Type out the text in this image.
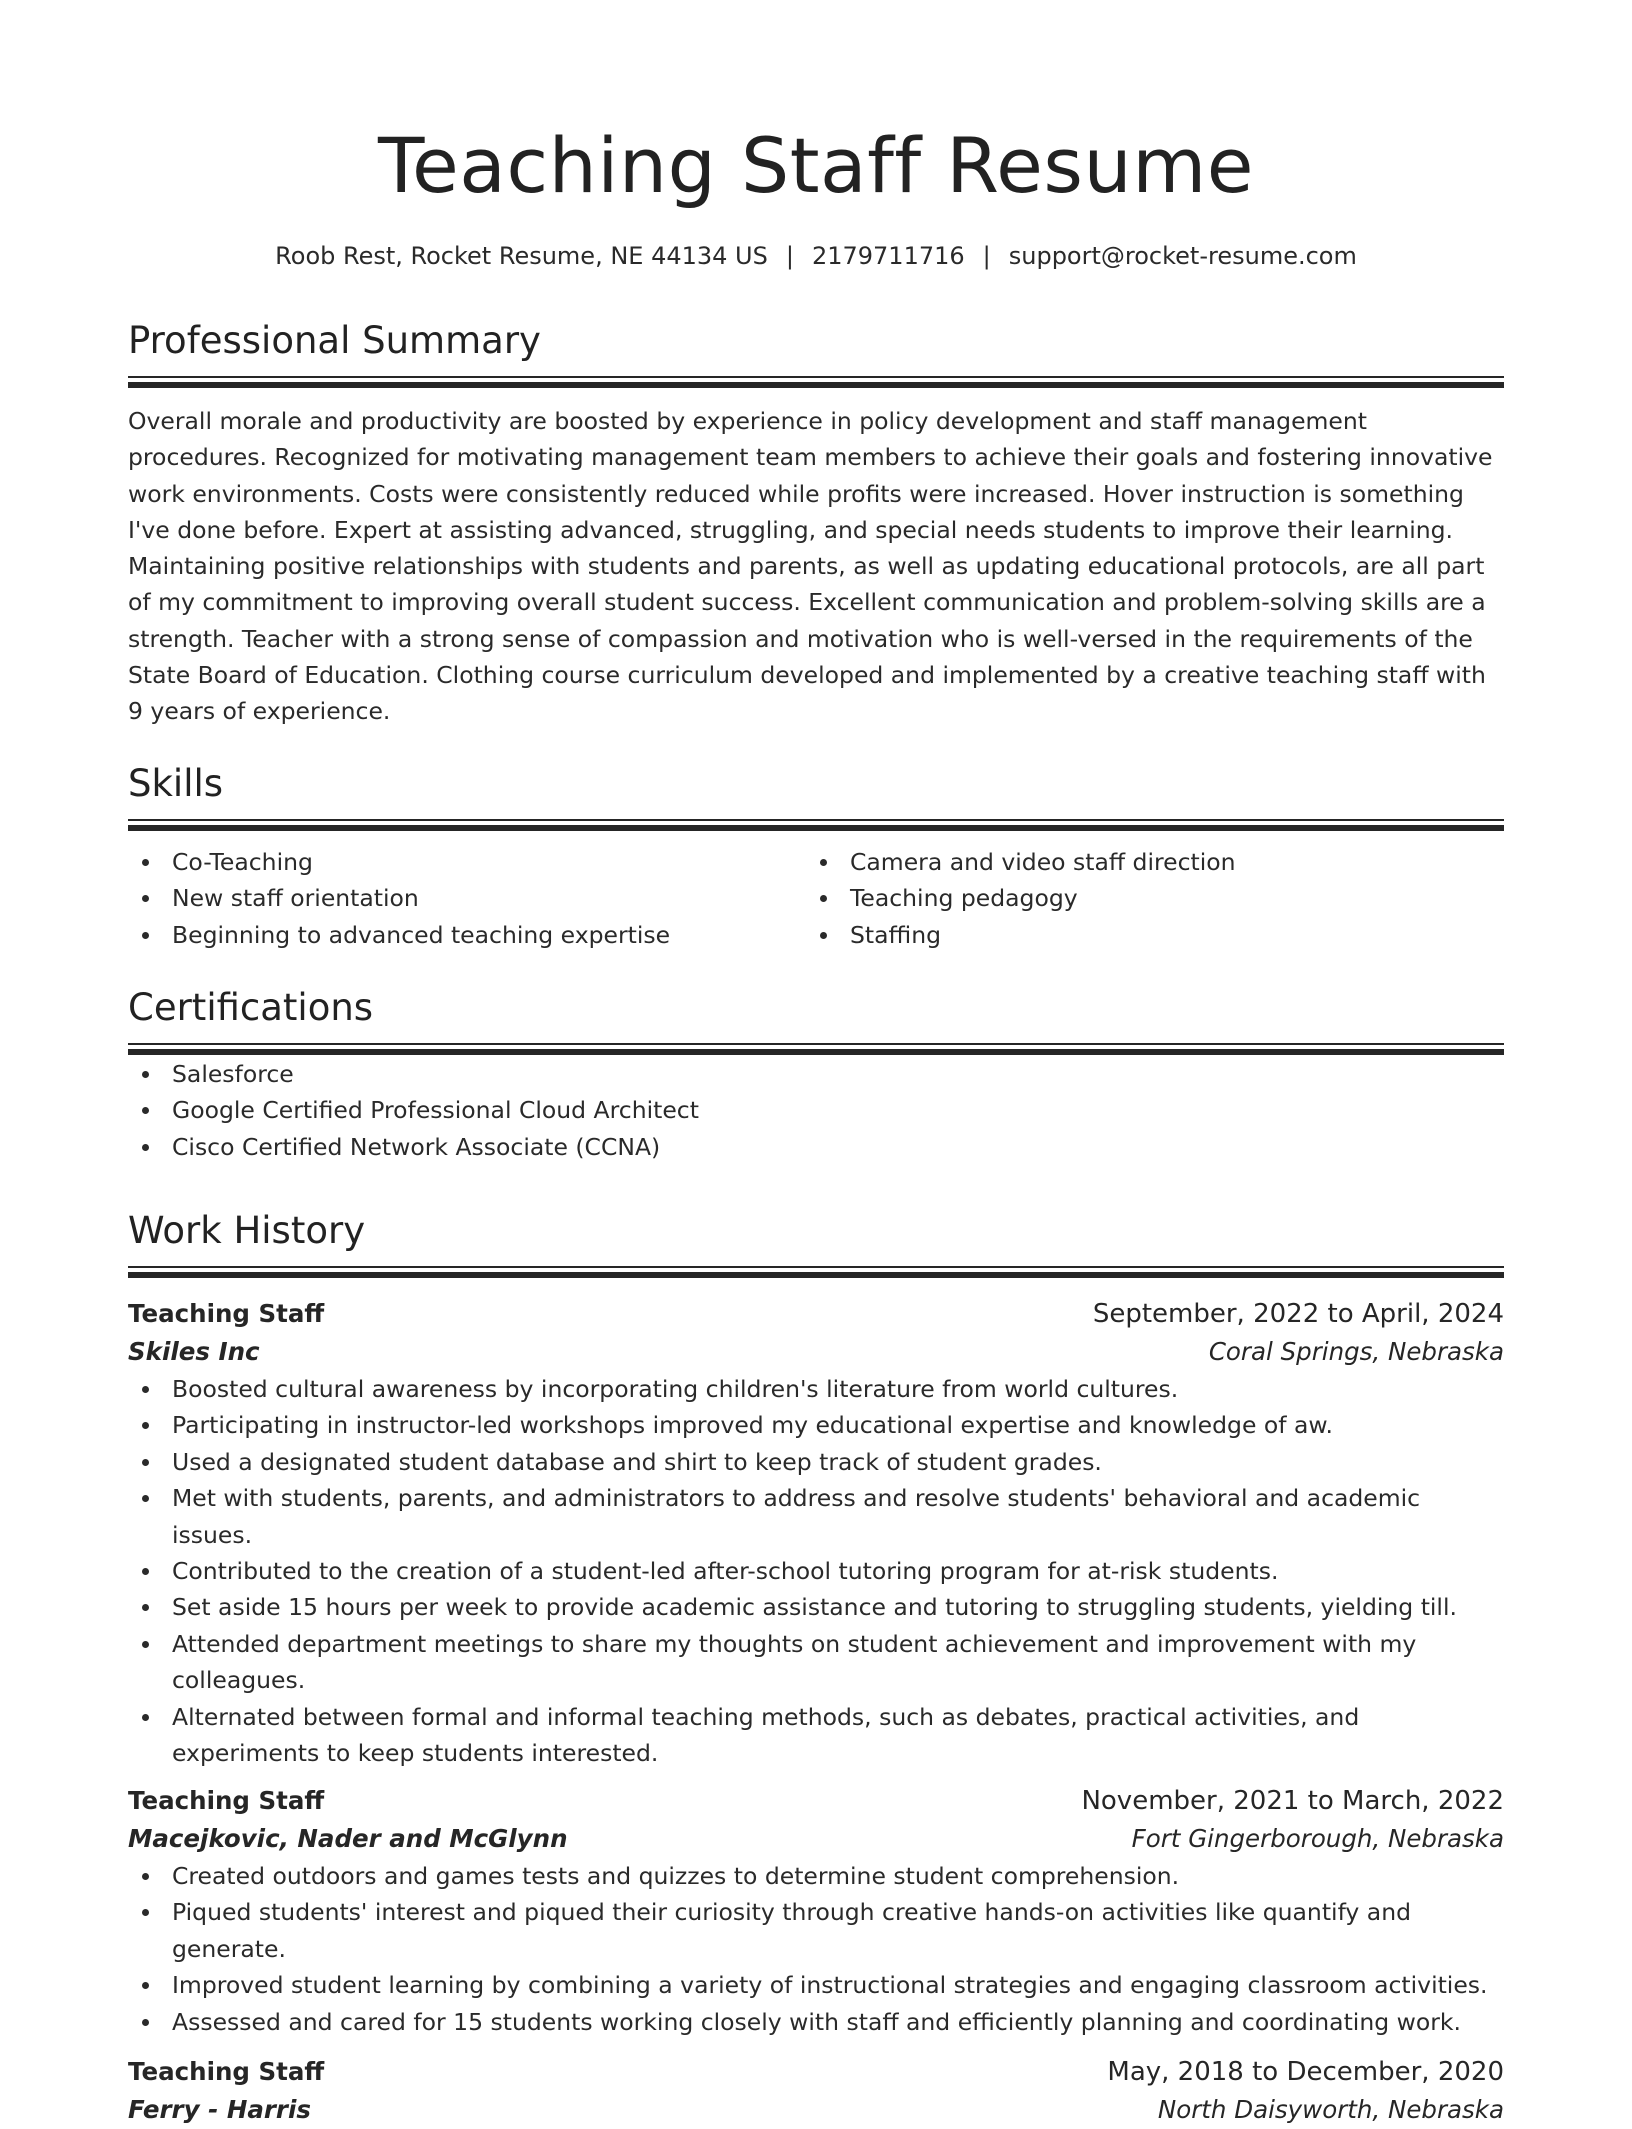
Teaching Staff Resume
Roob Rest, Rocket Resume, NE 44134 US | 2179711716 | support@rocket-resume.com
Professional Summary
Overall morale and productivity are boosted by experience in policy development and staff management procedures. Recognized for motivating management team members to achieve their goals and fostering innovative work environments. Costs were consistently reduced while profits were increased. Hover instruction is something I've done before. Expert at assisting advanced, struggling, and special needs students to improve their learning. Maintaining positive relationships with students and parents, as well as updating educational protocols, are all part of my commitment to improving overall student success. Excellent communication and problem-solving skills are a strength. Teacher with a strong sense of compassion and motivation who is well-versed in the requirements of the State Board of Education. Clothing course curriculum developed and implemented by a creative teaching staff with 9 years of experience.
Skills
Co-Teaching
New staff orientation
Beginning to advanced teaching expertise
Camera and video staff direction
Teaching pedagogy
Staffing
Certifications
Salesforce
Google Certified Professional Cloud Architect
Cisco Certified Network Associate (CCNA)
Work History
Teaching Staff	September, 2022 to April, 2024
Skiles Inc	Coral Springs, Nebraska
Boosted cultural awareness by incorporating children's literature from world cultures.
Participating in instructor-led workshops improved my educational expertise and knowledge of aw.
Used a designated student database and shirt to keep track of student grades.
Met with students, parents, and administrators to address and resolve students' behavioral and academic issues.
Contributed to the creation of a student-led after-school tutoring program for at-risk students.
Set aside 15 hours per week to provide academic assistance and tutoring to struggling students, yielding till.
Attended department meetings to share my thoughts on student achievement and improvement with my colleagues.
Alternated between formal and informal teaching methods, such as debates, practical activities, and experiments to keep students interested.
Teaching Staff	November, 2021 to March, 2022
Macejkovic, Nader and McGlynn	Fort Gingerborough, Nebraska
Created outdoors and games tests and quizzes to determine student comprehension.
Piqued students' interest and piqued their curiosity through creative hands-on activities like quantify and generate.
Improved student learning by combining a variety of instructional strategies and engaging classroom activities.
Assessed and cared for 15 students working closely with staff and efficiently planning and coordinating work.
Teaching Staff	May, 2018 to December, 2020
Ferry - Harris	North Daisyworth, Nebraska
